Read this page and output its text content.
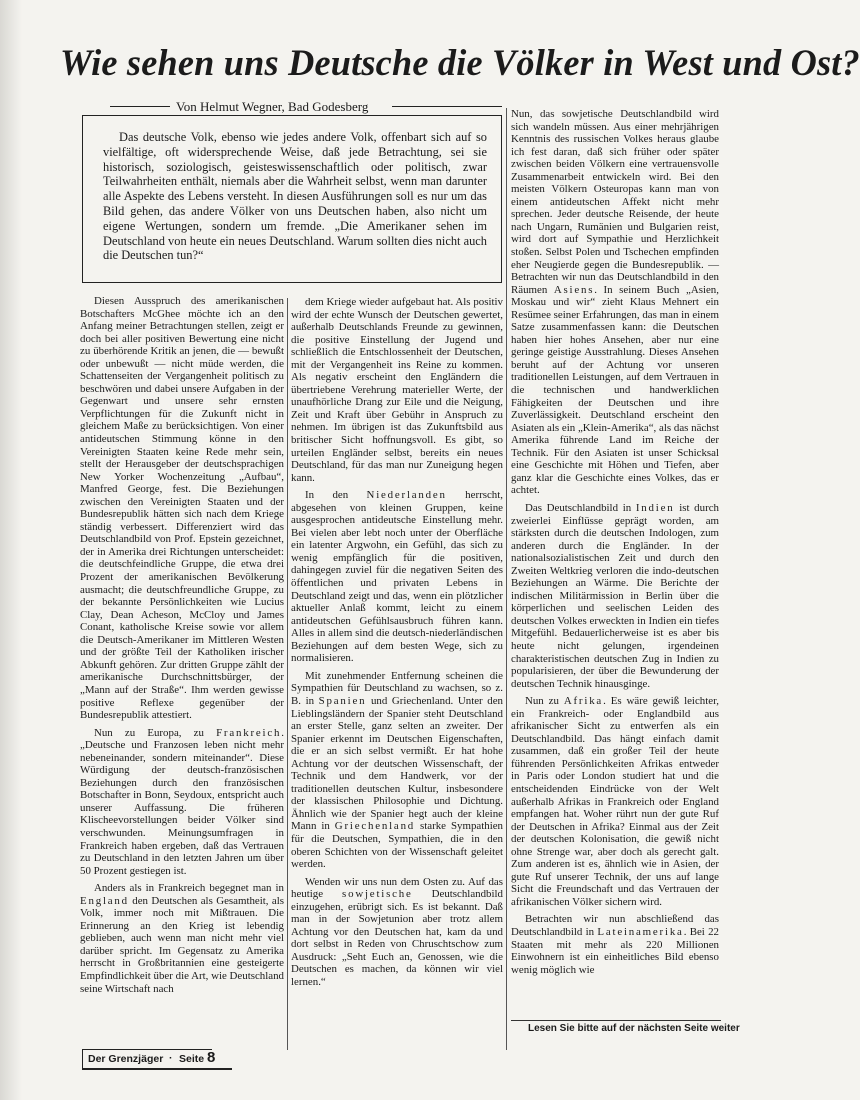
Wie sehen uns Deutsche die Völker in West und Ost?

Von Helmut Wegner, Bad Godesberg

Das deutsche Volk, ebenso wie jedes andere Volk, offenbart sich auf so vielfältige, oft widersprechende Weise, daß jede Betrachtung, sei sie historisch, soziologisch, geisteswissenschaftlich oder politisch, zwar Teilwahrheiten enthält, niemals aber die Wahrheit selbst, wenn man darunter alle Aspekte des Lebens versteht. In diesen Ausführungen soll es nur um das Bild gehen, das andere Völker von uns Deutschen haben, also nicht um eigene Wertungen, sondern um fremde. „Die Amerikaner sehen im Deutschland von heute ein neues Deutschland. Warum sollten dies nicht auch die Deutschen tun?“

Diesen Ausspruch des amerikanischen Botschafters McGhee möchte ich an den Anfang meiner Betrachtungen stellen, zeigt er doch bei aller positiven Bewertung eine nicht zu überhörende Kritik an jenen, die — bewußt oder unbewußt — nicht müde werden, die Schattenseiten der Vergangenheit politisch zu beschwören und dabei unsere Aufgaben in der Gegenwart und unsere sehr ernsten Verpflichtungen für die Zukunft nicht in gleichem Maße zu berücksichtigen. Von einer antideutschen Stimmung könne in den Vereinigten Staaten keine Rede mehr sein, stellt der Herausgeber der deutschsprachigen New Yorker Wochenzeitung „Aufbau“, Manfred George, fest. Die Beziehungen zwischen den Vereinigten Staaten und der Bundesrepublik hätten sich nach dem Kriege ständig verbessert. Differenziert wird das Deutschlandbild von Prof. Epstein gezeichnet, der in Amerika drei Richtungen unterscheidet: die deutschfeindliche Gruppe, die etwa drei Prozent der amerikanischen Bevölkerung ausmacht; die deutschfreundliche Gruppe, zu der bekannte Persönlichkeiten wie Lucius Clay, Dean Acheson, McCloy und James Conant, katholische Kreise sowie vor allem die Deutsch-Amerikaner im Mittleren Westen und der größte Teil der Katholiken irischer Abkunft gehören. Zur dritten Gruppe zählt der amerikanische Durchschnittsbürger, der „Mann auf der Straße“. Ihm werden gewisse positive Reflexe gegenüber der Bundesrepublik attestiert.

Nun zu Europa, zu Frankreich. „Deutsche und Franzosen leben nicht mehr nebeneinander, sondern miteinander“. Diese Würdigung der deutsch-französischen Beziehungen durch den französischen Botschafter in Bonn, Seydoux, entspricht auch unserer Auffassung. Die früheren Klischeevorstellungen beider Völker sind verschwunden. Meinungsumfragen in Frankreich haben ergeben, daß das Vertrauen zu Deutschland in den letzten Jahren um über 50 Prozent gestiegen ist.

Anders als in Frankreich begegnet man in England den Deutschen als Gesamtheit, als Volk, immer noch mit Mißtrauen. Die Erinnerung an den Krieg ist lebendig geblieben, auch wenn man nicht mehr viel darüber spricht. Im Gegensatz zu Amerika herrscht in Großbritannien eine gesteigerte Empfindlichkeit über die Art, wie Deutschland seine Wirtschaft nach

dem Kriege wieder aufgebaut hat. Als positiv wird der echte Wunsch der Deutschen gewertet, außerhalb Deutschlands Freunde zu gewinnen, die positive Einstellung der Jugend und schließlich die Entschlossenheit der Deutschen, mit der Vergangenheit ins Reine zu kommen. Als negativ erscheint den Engländern die übertriebene Verehrung materieller Werte, der unaufhörliche Drang zur Eile und die Neigung, Zeit und Kraft über Gebühr in Anspruch zu nehmen. Im übrigen ist das Zukunftsbild aus britischer Sicht hoffnungsvoll. Es gibt, so urteilen Engländer selbst, bereits ein neues Deutschland, für das man nur Zuneigung hegen kann.

In den Niederlanden herrscht, abgesehen von kleinen Gruppen, keine ausgesprochen antideutsche Einstellung mehr. Bei vielen aber lebt noch unter der Oberfläche ein latenter Argwohn, ein Gefühl, das sich zu wenig empfänglich für die positiven, dahingegen zuviel für die negativen Seiten des öffentlichen und privaten Lebens in Deutschland zeigt und das, wenn ein plötzlicher aktueller Anlaß kommt, leicht zu einem antideutschen Gefühlsausbruch führen kann. Alles in allem sind die deutsch-niederländischen Beziehungen auf dem besten Wege, sich zu normalisieren.

Mit zunehmender Entfernung scheinen die Sympathien für Deutschland zu wachsen, so z. B. in Spanien und Griechenland. Unter den Lieblingsländern der Spanier steht Deutschland an erster Stelle, ganz selten an zweiter. Der Spanier erkennt im Deutschen Eigenschaften, die er an sich selbst vermißt. Er hat hohe Achtung vor der deutschen Wissenschaft, der Technik und dem Handwerk, vor der traditionellen deutschen Kultur, insbesondere der klassischen Philosophie und Dichtung. Ähnlich wie der Spanier hegt auch der kleine Mann in Griechenland starke Sympathien für die Deutschen, Sympathien, die in den oberen Schichten von der Wissenschaft geleitet werden.

Wenden wir uns nun dem Osten zu. Auf das heutige sowjetische Deutschlandbild einzugehen, erübrigt sich. Es ist bekannt. Daß man in der Sowjetunion aber trotz allem Achtung vor den Deutschen hat, kam da und dort selbst in Reden von Chruschtschow zum Ausdruck: „Seht Euch an, Genossen, wie die Deutschen es machen, da können wir viel lernen.“

Nun, das sowjetische Deutschlandbild wird sich wandeln müssen. Aus einer mehrjährigen Kenntnis des russischen Volkes heraus glaube ich fest daran, daß sich früher oder später zwischen beiden Völkern eine vertrauensvolle Zusammenarbeit entwickeln wird. Bei den meisten Völkern Osteuropas kann man von einem antideutschen Affekt nicht mehr sprechen. Jeder deutsche Reisende, der heute nach Ungarn, Rumänien und Bulgarien reist, wird dort auf Sympathie und Herzlichkeit stoßen. Selbst Polen und Tschechen empfinden eher Neugierde gegen die Bundesrepublik. — Betrachten wir nun das Deutschlandbild in den Räumen Asiens. In seinem Buch „Asien, Moskau und wir“ zieht Klaus Mehnert ein Resümee seiner Erfahrungen, das man in einem Satze zusammenfassen kann: die Deutschen haben hier hohes Ansehen, aber nur eine geringe geistige Ausstrahlung. Dieses Ansehen beruht auf der Achtung vor unseren traditionellen Leistungen, auf dem Vertrauen in die technischen und handwerklichen Fähigkeiten der Deutschen und ihre Zuverlässigkeit. Deutschland erscheint den Asiaten als ein „Klein-Amerika“, als das nächst Amerika führende Land im Reiche der Technik. Für den Asiaten ist unser Schicksal eine Geschichte mit Höhen und Tiefen, aber ganz klar die Geschichte eines Volkes, das er achtet.

Das Deutschlandbild in Indien ist durch zweierlei Einflüsse geprägt worden, am stärksten durch die deutschen Indologen, zum anderen durch die Engländer. In der nationalsozialistischen Zeit und durch den Zweiten Weltkrieg verloren die indo-deutschen Beziehungen an Wärme. Die Berichte der indischen Militärmission in Berlin über die körperlichen und seelischen Leiden des deutschen Volkes erweckten in Indien ein tiefes Mitgefühl. Bedauerlicherweise ist es aber bis heute nicht gelungen, irgendeinen charakteristischen deutschen Zug in Indien zu popularisieren, der über die Bewunderung der deutschen Technik hinausginge.

Nun zu Afrika. Es wäre gewiß leichter, ein Frankreich- oder Englandbild aus afrikanischer Sicht zu entwerfen als ein Deutschlandbild. Das hängt einfach damit zusammen, daß ein großer Teil der heute führenden Persönlichkeiten Afrikas entweder in Paris oder London studiert hat und die entscheidenden Eindrücke von der Welt außerhalb Afrikas in Frankreich oder England empfangen hat. Woher rührt nun der gute Ruf der Deutschen in Afrika? Einmal aus der Zeit der deutschen Kolonisation, die gewiß nicht ohne Strenge war, aber doch als gerecht galt. Zum anderen ist es, ähnlich wie in Asien, der gute Ruf unserer Technik, der uns auf lange Sicht die Freundschaft und das Vertrauen der afrikanischen Völker sichern wird.

Betrachten wir nun abschließend das Deutschlandbild in Lateinamerika. Bei 22 Staaten mit mehr als 220 Millionen Einwohnern ist ein einheitliches Bild ebenso wenig möglich wie

Lesen Sie bitte auf der nächsten Seite weiter

Der Grenzjäger · Seite 8
